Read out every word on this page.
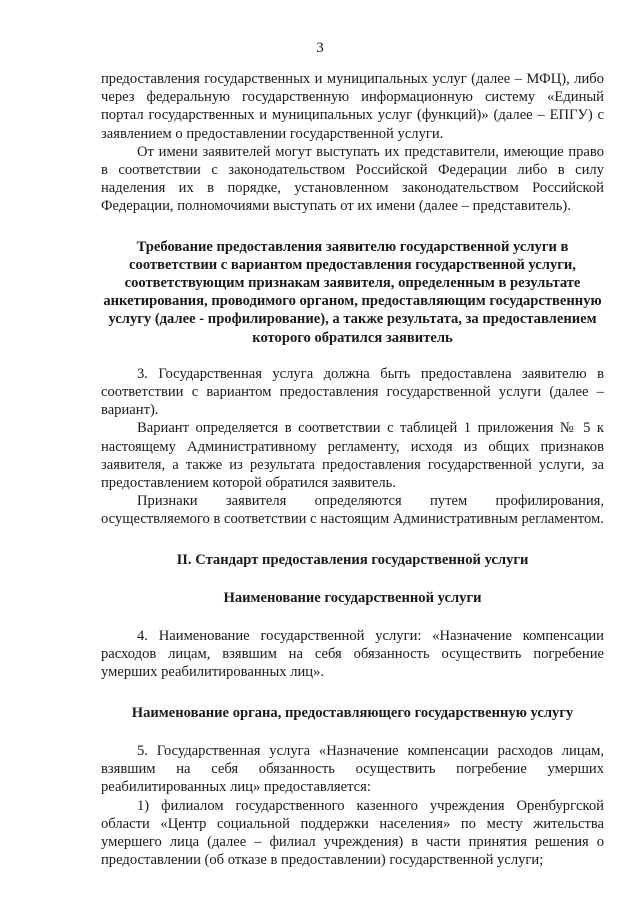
3

предоставления государственных и муниципальных услуг (далее – МФЦ), либо через федеральную государственную информационную систему «Единый портал государственных и муниципальных услуг (функций)» (далее – ЕПГУ) с заявлением о предоставлении государственной услуги.

От имени заявителей могут выступать их представители, имеющие право в соответствии с законодательством Российской Федерации либо в силу наделения их в порядке, установленном законодательством Российской Федерации, полномочиями выступать от их имени (далее – представитель).

Требование предоставления заявителю государственной услуги в соответствии с вариантом предоставления государственной услуги, соответствующим признакам заявителя, определенным в результате анкетирования, проводимого органом, предоставляющим государственную услугу (далее - профилирование), а также результата, за предоставлением которого обратился заявитель

3. Государственная услуга должна быть предоставлена заявителю в соответствии с вариантом предоставления государственной услуги (далее – вариант).

Вариант определяется в соответствии с таблицей 1 приложения № 5 к настоящему Административному регламенту, исходя из общих признаков заявителя, а также из результата предоставления государственной услуги, за предоставлением которой обратился заявитель.

Признаки заявителя определяются путем профилирования, осуществляемого в соответствии с настоящим Административным регламентом.

II. Стандарт предоставления государственной услуги
Наименование государственной услуги

4. Наименование государственной услуги: «Назначение компенсации расходов лицам, взявшим на себя обязанность осуществить погребение умерших реабилитированных лиц».

Наименование органа, предоставляющего государственную услугу

5. Государственная услуга «Назначение компенсации расходов лицам, взявшим на себя обязанность осуществить погребение умерших реабилитированных лиц» предоставляется:

1) филиалом государственного казенного учреждения Оренбургской области «Центр социальной поддержки населения» по месту жительства умершего лица (далее – филиал учреждения) в части принятия решения о предоставлении (об отказе в предоставлении) государственной услуги;
